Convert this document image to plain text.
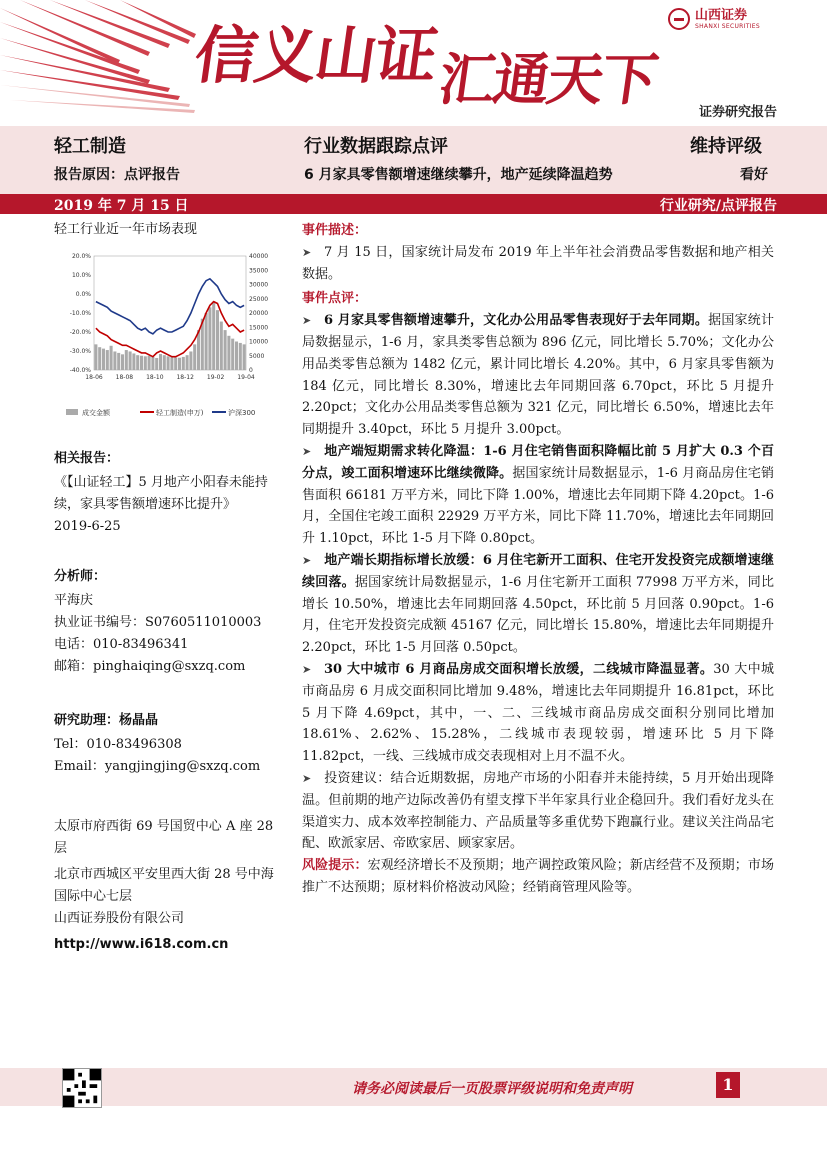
信义山证
汇通天下
山西证券
SHANXI SECURITIES
证券研究报告
轻工制造	行业数据跟踪点评	维持评级
报告原因：点评报告	6 月家具零售额增速继续攀升，地产延续降温趋势	看好
2019 年 7 月 15 日	行业研究/点评报告
轻工行业近一年市场表现
20.0%
10.0%
0.0%
-10.0%
-20.0%
-30.0%
-40.0%
40000
35000
30000
25000
20000
15000
10000
5000
0
18-06 18-08 18-10 18-12 19-02 19-04
成交金额	轻工制造(申万)	沪深300
相关报告：
《【山证轻工】5 月地产小阳春未能持续，家具零售额增速环比提升》
2019-6-25
分析师：
平海庆
执业证书编号：S0760511010003
电话：010-83496341
邮箱：pinghaiqing@sxzq.com
研究助理：杨晶晶
Tel：010-83496308
Email：yangjingjing@sxzq.com
太原市府西街 69 号国贸中心 A 座 28 层
北京市西城区平安里西大街 28 号中海国际中心七层
山西证券股份有限公司
http://www.i618.com.cn
事件描述：
➤ 7 月 15 日，国家统计局发布 2019 年上半年社会消费品零售数据和地产相关数据。
事件点评：
➤ 6 月家具零售额增速攀升，文化办公用品零售表现好于去年同期。据国家统计局数据显示，1-6 月，家具类零售总额为 896 亿元，同比增长 5.70%；文化办公用品类零售总额为 1482 亿元，累计同比增长 4.20%。其中，6 月家具零售额为 184 亿元，同比增长 8.30%，增速比去年同期回落 6.70pct，环比 5 月提升 2.20pct；文化办公用品类零售总额为 321 亿元，同比增长 6.50%，增速比去年同期提升 3.40pct，环比 5 月提升 3.00pct。
➤ 地产端短期需求转化降温：1-6 月住宅销售面积降幅比前 5 月扩大 0.3 个百分点，竣工面积增速环比继续微降。据国家统计局数据显示，1-6 月商品房住宅销售面积 66181 万平方米，同比下降 1.00%，增速比去年同期下降 4.20pct。1-6 月，全国住宅竣工面积 22929 万平方米，同比下降 11.70%，增速比去年同期回升 1.10pct，环比 1-5 月下降 0.80pct。
➤ 地产端长期指标增长放缓：6 月住宅新开工面积、住宅开发投资完成额增速继续回落。据国家统计局数据显示，1-6 月住宅新开工面积 77998 万平方米，同比增长 10.50%，增速比去年同期回落 4.50pct，环比前 5 月回落 0.90pct。1-6 月，住宅开发投资完成额 45167 亿元，同比增长 15.80%，增速比去年同期提升 2.20pct，环比 1-5 月回落 0.50pct。
➤ 30 大中城市 6 月商品房成交面积增长放缓，二线城市降温显著。30 大中城市商品房 6 月成交面积同比增加 9.48%，增速比去年同期提升 16.81pct，环比 5 月下降 4.69pct，其中，一、二、三线城市商品房成交面积分别同比增加 18.61%、2.62%、15.28%，二线城市表现较弱，增速环比 5 月下降 11.82pct，一线、三线城市成交表现相对上月不温不火。
➤ 投资建议：结合近期数据，房地产市场的小阳春并未能持续，5 月开始出现降温。但前期的地产边际改善仍有望支撑下半年家具行业企稳回升。我们看好龙头在渠道实力、成本效率控制能力、产品质量等多重优势下跑赢行业。建议关注尚品宅配、欧派家居、帝欧家居、顾家家居。
风险提示：宏观经济增长不及预期；地产调控政策风险；新店经营不及预期；市场推广不达预期；原材料价格波动风险；经销商管理风险等。
请务必阅读最后一页股票评级说明和免责声明	1
